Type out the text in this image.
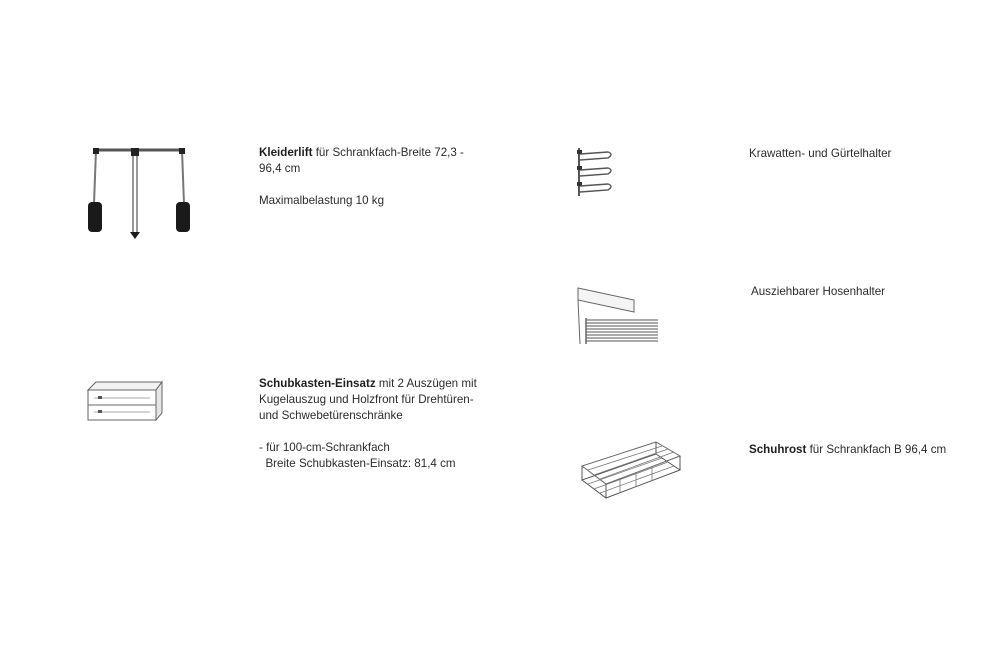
Kleiderlift für Schrankfach-Breite 72,3 -

96,4 cm

Maximalbelastung 10 kg

Schubkasten-Einsatz mit 2 Auszügen mit

Kugelauszug und Holzfront für Drehtüren-

und Schwebetürenschränke

- für 100-cm-Schrankfach

Breite Schubkasten-Einsatz: 81,4 cm

Krawatten- und Gürtelhalter

Ausziehbarer Hosenhalter

Schuhrost für Schrankfach B 96,4 cm
